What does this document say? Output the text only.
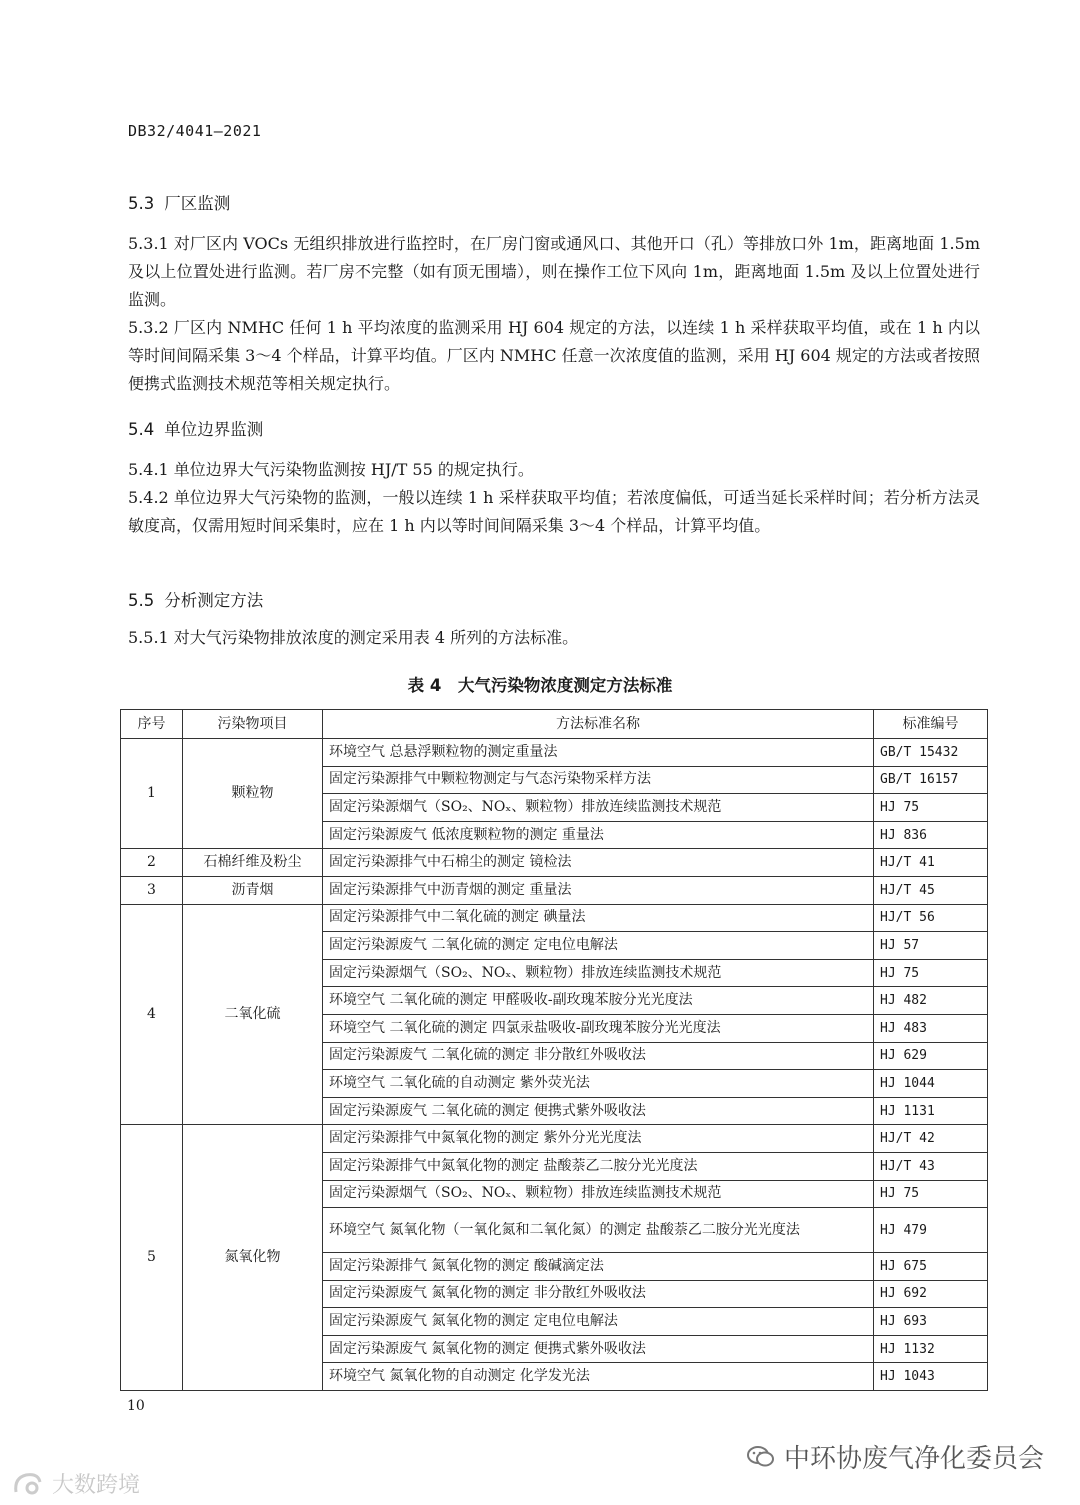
DB32/4041—2021
5.3 厂区监测

5.3.1 对厂区内 VOCs 无组织排放进行监控时，在厂房门窗或通风口、其他开口（孔）等排放口外 1m，距离地面 1.5m 及以上位置处进行监测。若厂房不完整（如有顶无围墙），则在操作工位下风向 1m，距离地面 1.5m 及以上位置处进行监测。

5.3.2 厂区内 NMHC 任何 1 h 平均浓度的监测采用 HJ 604 规定的方法，以连续 1 h 采样获取平均值，或在 1 h 内以等时间间隔采集 3～4 个样品，计算平均值。厂区内 NMHC 任意一次浓度值的监测，采用 HJ 604 规定的方法或者按照便携式监测技术规范等相关规定执行。

5.4 单位边界监测

5.4.1 单位边界大气污染物监测按 HJ/T 55 的规定执行。

5.4.2 单位边界大气污染物的监测，一般以连续 1 h 采样获取平均值；若浓度偏低，可适当延长采样时间；若分析方法灵敏度高，仅需用短时间采集时，应在 1 h 内以等时间间隔采集 3～4 个样品，计算平均值。

5.5 分析测定方法

5.5.1 对大气污染物排放浓度的测定采用表 4 所列的方法标准。

表 4　大气污染物浓度测定方法标准
序号	污染物项目	方法标准名称	标准编号
1	颗粒物	环境空气 总悬浮颗粒物的测定重量法	GB/T 15432
		固定污染源排气中颗粒物测定与气态污染物采样方法	GB/T 16157
		固定污染源烟气（SO₂、NOₓ、颗粒物）排放连续监测技术规范	HJ 75
		固定污染源废气 低浓度颗粒物的测定 重量法	HJ 836
2	石棉纤维及粉尘	固定污染源排气中石棉尘的测定 镜检法	HJ/T 41
3	沥青烟	固定污染源排气中沥青烟的测定 重量法	HJ/T 45
4	二氧化硫	固定污染源排气中二氧化硫的测定 碘量法	HJ/T 56
		固定污染源废气 二氧化硫的测定 定电位电解法	HJ 57
		固定污染源烟气（SO₂、NOₓ、颗粒物）排放连续监测技术规范	HJ 75
		环境空气 二氧化硫的测定 甲醛吸收-副玫瑰苯胺分光光度法	HJ 482
		环境空气 二氧化硫的测定 四氯汞盐吸收-副玫瑰苯胺分光光度法	HJ 483
		固定污染源废气 二氧化硫的测定 非分散红外吸收法	HJ 629
		环境空气 二氧化硫的自动测定 紫外荧光法	HJ 1044
		固定污染源废气 二氧化硫的测定 便携式紫外吸收法	HJ 1131
5	氮氧化物	固定污染源排气中氮氧化物的测定 紫外分光光度法	HJ/T 42
		固定污染源排气中氮氧化物的测定 盐酸萘乙二胺分光光度法	HJ/T 43
		固定污染源烟气（SO₂、NOₓ、颗粒物）排放连续监测技术规范	HJ 75
		环境空气 氮氧化物（一氧化氮和二氧化氮）的测定 盐酸萘乙二胺分光光度法	HJ 479
		固定污染源排气 氮氧化物的测定 酸碱滴定法	HJ 675
		固定污染源废气 氮氧化物的测定 非分散红外吸收法	HJ 692
		固定污染源废气 氮氧化物的测定 定电位电解法	HJ 693
		固定污染源废气 氮氧化物的测定 便携式紫外吸收法	HJ 1132
		环境空气 氮氧化物的自动测定 化学发光法	HJ 1043
10
中环协废气净化委员会
大数跨境
